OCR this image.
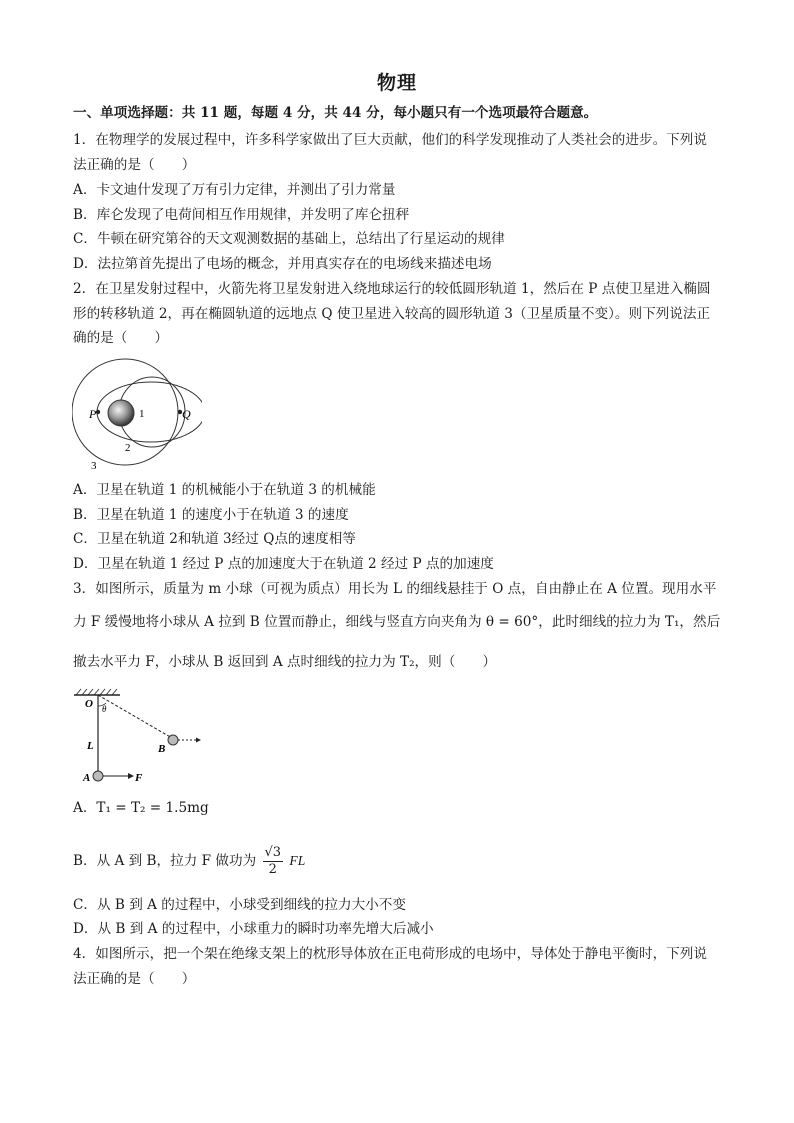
物理
一、单项选择题：共 11 题，每题 4 分，共 44 分，每小题只有一个选项最符合题意。
1．在物理学的发展过程中，许多科学家做出了巨大贡献，他们的科学发现推动了人类社会的进步。下列说
法正确的是（　　）
A．卡文迪什发现了万有引力定律，并测出了引力常量
B．库仑发现了电荷间相互作用规律，并发明了库仑扭秤
C．牛顿在研究第谷的天文观测数据的基础上，总结出了行星运动的规律
D．法拉第首先提出了电场的概念，并用真实存在的电场线来描述电场
2．在卫星发射过程中，火箭先将卫星发射进入绕地球运行的较低圆形轨道 1，然后在 P 点使卫星进入椭圆
形的转移轨道 2，再在椭圆轨道的远地点 Q 使卫星进入较高的圆形轨道 3（卫星质量不变）。则下列说法正
确的是（　　）
P	Q
1
2
3
A．卫星在轨道 1 的机械能小于在轨道 3 的机械能
B．卫星在轨道 1 的速度小于在轨道 3 的速度
C．卫星在轨道 2和轨道 3经过 Q点的速度相等
D．卫星在轨道 1 经过 P 点的加速度大于在轨道 2 经过 P 点的加速度
3．如图所示，质量为 m 小球（可视为质点）用长为 L 的细线悬挂于 O 点，自由静止在 A 位置。现用水平
力 F 缓慢地将小球从 A 拉到 B 位置而静止，细线与竖直方向夹角为 θ = 60°，此时细线的拉力为 T₁，然后
撤去水平力 F，小球从 B 返回到 A 点时细线的拉力为 T₂，则（　　）
O θ
L	B
A	F
A．T₁ = T₂ = 1.5mg
B．从 A 到 B，拉力 F 做功为 $\frac{√3}{2}$ FL
C．从 B 到 A 的过程中，小球受到细线的拉力大小不变
D．从 B 到 A 的过程中，小球重力的瞬时功率先增大后减小
4．如图所示，把一个架在绝缘支架上的枕形导体放在正电荷形成的电场中，导体处于静电平衡时，下列说
法正确的是（　　）
